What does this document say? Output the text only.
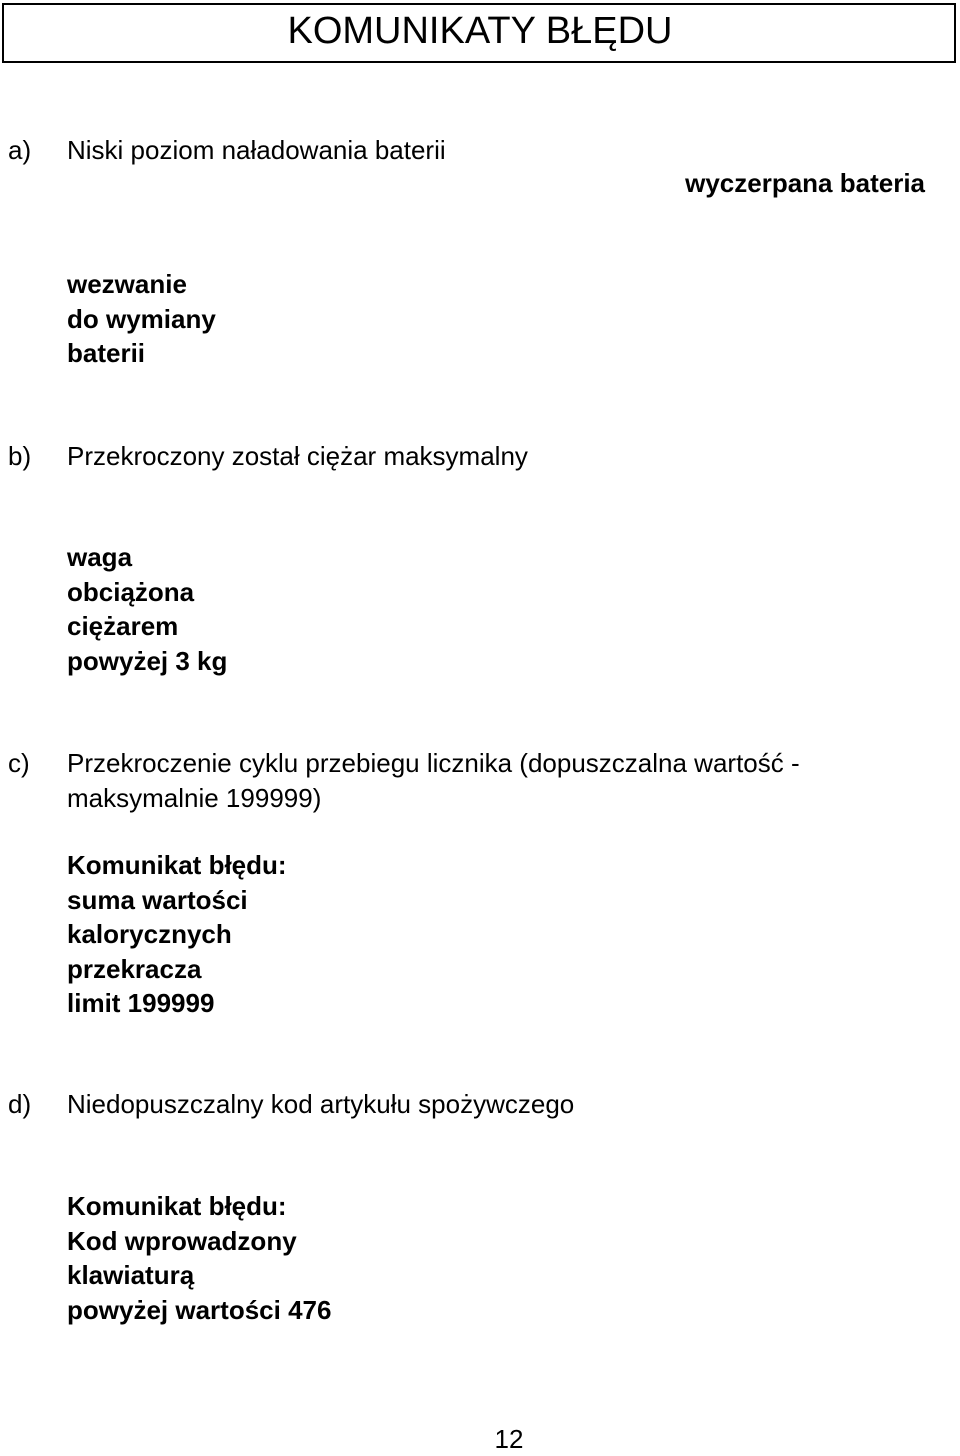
KOMUNIKATY BŁĘDU
a) Niski poziom naładowania baterii
wyczerpana bateria
wezwanie
do wymiany
baterii
b) Przekroczony został ciężar maksymalny
waga
obciążona
ciężarem
powyżej 3 kg
c) Przekroczenie cyklu przebiegu licznika (dopuszczalna wartość -
maksymalnie 199999)
Komunikat błędu:
suma wartości
kalorycznych
przekracza
limit 199999
d) Niedopuszczalny kod artykułu spożywczego
Komunikat błędu:
Kod wprowadzony
klawiaturą
powyżej wartości 476
12
